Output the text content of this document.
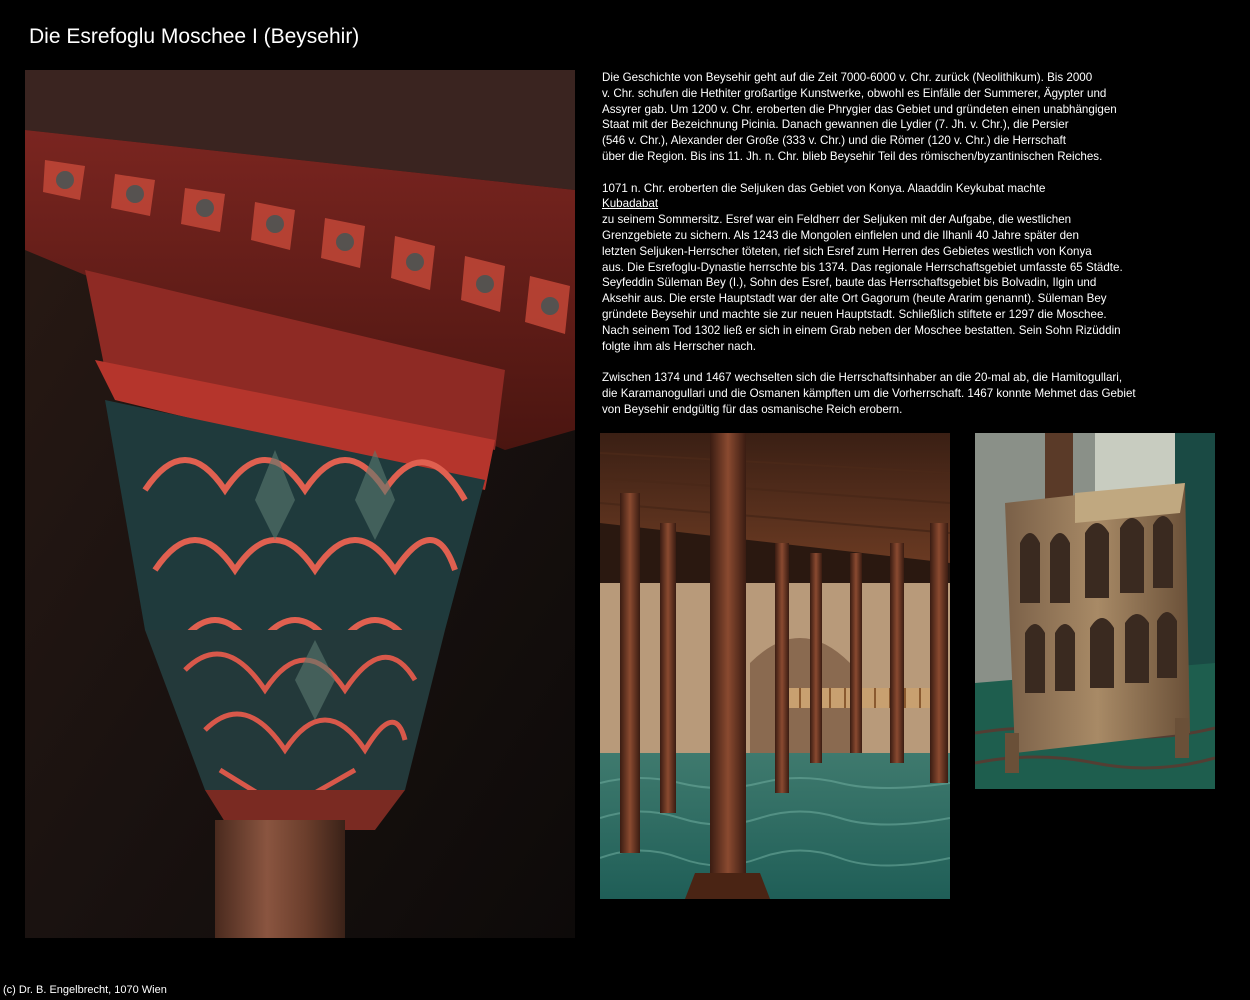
Die Esrefoglu Moschee I (Beysehir)

Die Geschichte von Beysehir geht auf die Zeit 7000-6000 v. Chr. zurück (Neolithikum). Bis 2000
v. Chr. schufen die Hethiter großartige Kunstwerke, obwohl es Einfälle der Summerer, Ägypter und
Assyrer gab. Um 1200 v. Chr. eroberten die Phrygier das Gebiet und gründeten einen unabhängigen
Staat mit der Bezeichnung Picinia. Danach gewannen die Lydier (7. Jh. v. Chr.), die Persier
(546 v. Chr.), Alexander der Große (333 v. Chr.) und die Römer (120 v. Chr.) die Herrschaft
über die Region. Bis ins 11. Jh. n. Chr. blieb Beysehir Teil des römischen/byzantinischen Reiches.

1071 n. Chr. eroberten die Seljuken das Gebiet von Konya. Alaaddin Keykubat machte
Kubadabat
zu seinem Sommersitz. Esref war ein Feldherr der Seljuken mit der Aufgabe, die westlichen
Grenzgebiete zu sichern. Als 1243 die Mongolen einfielen und die Ilhanli 40 Jahre später den
letzten Seljuken-Herrscher töteten, rief sich Esref zum Herren des Gebietes westlich von Konya
aus. Die Esrefoglu-Dynastie herrschte bis 1374. Das regionale Herrschaftsgebiet umfasste 65 Städte.
Seyfeddin Süleman Bey (I.), Sohn des Esref, baute das Herrschaftsgebiet bis Bolvadin, Ilgin und
Aksehir aus. Die erste Hauptstadt war der alte Ort Gagorum (heute Ararim genannt). Süleman Bey
gründete Beysehir und machte sie zur neuen Hauptstadt. Schließlich stiftete er 1297 die Moschee.
Nach seinem Tod 1302 ließ er sich in einem Grab neben der Moschee bestatten. Sein Sohn Rizüddin
folgte ihm als Herrscher nach.

Zwischen 1374 und 1467 wechselten sich die Herrschaftsinhaber an die 20-mal ab, die Hamitogullari,
die Karamanogullari und die Osmanen kämpften um die Vorherrschaft. 1467 konnte Mehmet das Gebiet
von Beysehir endgültig für das osmanische Reich erobern.

(c) Dr. B. Engelbrecht, 1070 Wien
